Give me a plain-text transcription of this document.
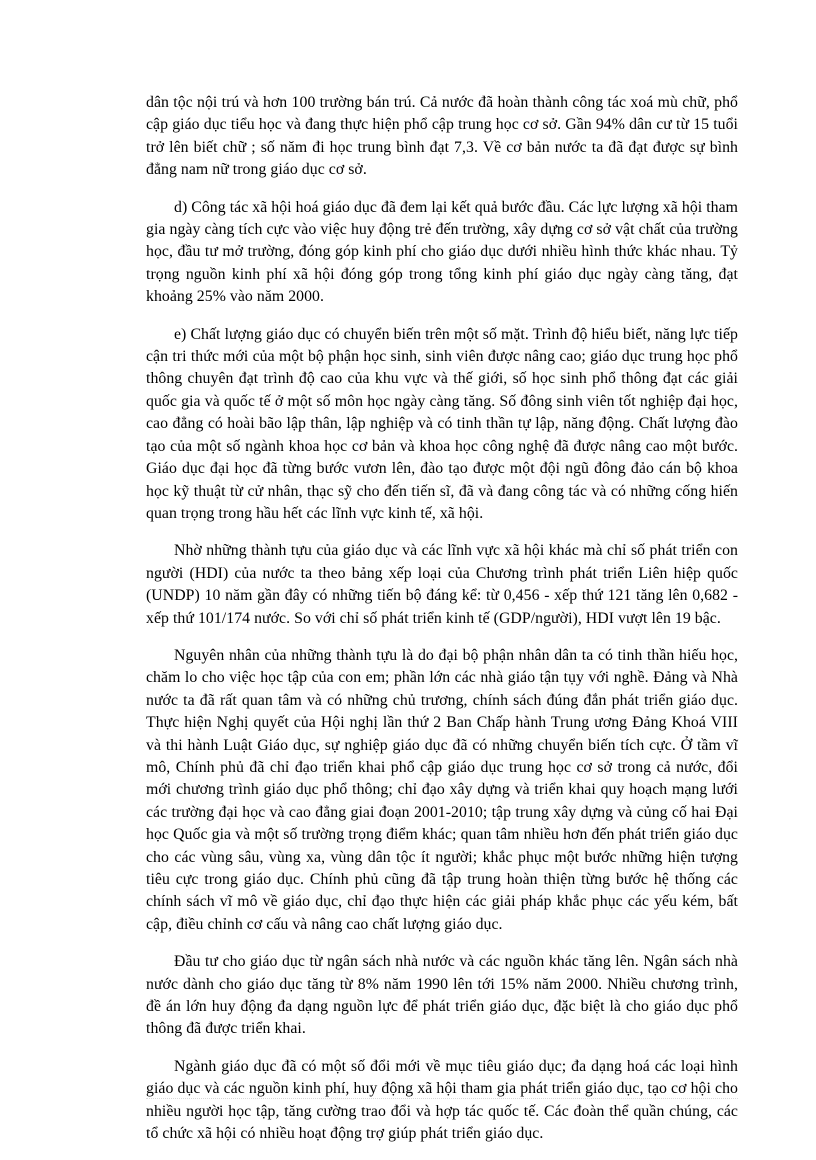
dân tộc nội trú và hơn 100 trường bán trú. Cả nước đã hoàn thành công tác xoá mù chữ, phổ cập giáo dục tiểu học và đang thực hiện phổ cập trung học cơ sở. Gần 94% dân cư từ 15 tuổi trở lên biết chữ ; số năm đi học trung bình đạt 7,3. Về cơ bản nước ta đã đạt được sự bình đẳng nam nữ trong giáo dục cơ sở.

d) Công tác xã hội hoá giáo dục đã đem lại kết quả bước đầu. Các lực lượng xã hội tham gia ngày càng tích cực vào việc huy động trẻ đến trường, xây dựng cơ sở vật chất của trường học, đầu tư mở trường, đóng góp kinh phí cho giáo dục dưới nhiều hình thức khác nhau. Tỷ trọng nguồn kinh phí xã hội đóng góp trong tổng kinh phí giáo dục ngày càng tăng, đạt khoảng 25% vào năm 2000.

e) Chất lượng giáo dục có chuyển biến trên một số mặt. Trình độ hiểu biết, năng lực tiếp cận tri thức mới của một bộ phận học sinh, sinh viên được nâng cao; giáo dục trung học phổ thông chuyên đạt trình độ cao của khu vực và thế giới, số học sinh phổ thông đạt các giải quốc gia và quốc tế ở một số môn học ngày càng tăng. Số đông sinh viên tốt nghiệp đại học, cao đẳng có hoài bão lập thân, lập nghiệp và có tinh thần tự lập, năng động. Chất lượng đào tạo của một số ngành khoa học cơ bản và khoa học công nghệ đã được nâng cao một bước. Giáo dục đại học đã từng bước vươn lên, đào tạo được một đội ngũ đông đảo cán bộ khoa học kỹ thuật từ cử nhân, thạc sỹ cho đến tiến sĩ, đã và đang công tác và có những cống hiến quan trọng trong hầu hết các lĩnh vực kinh tế, xã hội.

Nhờ những thành tựu của giáo dục và các lĩnh vực xã hội khác mà chỉ số phát triển con người (HDI) của nước ta theo bảng xếp loại của Chương trình phát triển Liên hiệp quốc (UNDP) 10 năm gần đây có những tiến bộ đáng kể: từ 0,456 - xếp thứ 121 tăng lên 0,682 - xếp thứ 101/174 nước. So với chỉ số phát triển kinh tế (GDP/người), HDI vượt lên 19 bậc.

Nguyên nhân của những thành tựu là do đại bộ phận nhân dân ta có tinh thần hiếu học, chăm lo cho việc học tập của con em; phần lớn các nhà giáo tận tụy với nghề. Đảng và Nhà nước ta đã rất quan tâm và có những chủ trương, chính sách đúng đắn phát triển giáo dục. Thực hiện Nghị quyết của Hội nghị lần thứ 2 Ban Chấp hành Trung ương Đảng Khoá VIII và thi hành Luật Giáo dục, sự nghiệp giáo dục đã có những chuyển biến tích cực. Ở tầm vĩ mô, Chính phủ đã chỉ đạo triển khai phổ cập giáo dục trung học cơ sở trong cả nước, đổi mới chương trình giáo dục phổ thông; chỉ đạo xây dựng và triển khai quy hoạch mạng lưới các trường đại học và cao đẳng giai đoạn 2001-2010; tập trung xây dựng và củng cố hai Đại học Quốc gia và một số trường trọng điểm khác; quan tâm nhiều hơn đến phát triển giáo dục cho các vùng sâu, vùng xa, vùng dân tộc ít người; khắc phục một bước những hiện tượng tiêu cực trong giáo dục. Chính phủ cũng đã tập trung hoàn thiện từng bước hệ thống các chính sách vĩ mô về giáo dục, chỉ đạo thực hiện các giải pháp khắc phục các yếu kém, bất cập, điều chỉnh cơ cấu và nâng cao chất lượng giáo dục.

Đầu tư cho giáo dục từ ngân sách nhà nước và các nguồn khác tăng lên. Ngân sách nhà nước dành cho giáo dục tăng từ 8% năm 1990 lên tới 15% năm 2000. Nhiều chương trình, đề án lớn huy động đa dạng nguồn lực để phát triển giáo dục, đặc biệt là cho giáo dục phổ thông đã được triển khai.

Ngành giáo dục đã có một số đổi mới về mục tiêu giáo dục; đa dạng hoá các loại hình giáo dục và các nguồn kinh phí, huy động xã hội tham gia phát triển giáo dục, tạo cơ hội cho nhiều người học tập, tăng cường trao đổi và hợp tác quốc tế. Các đoàn thể quần chúng, các tổ chức xã hội có nhiều hoạt động trợ giúp phát triển giáo dục.
